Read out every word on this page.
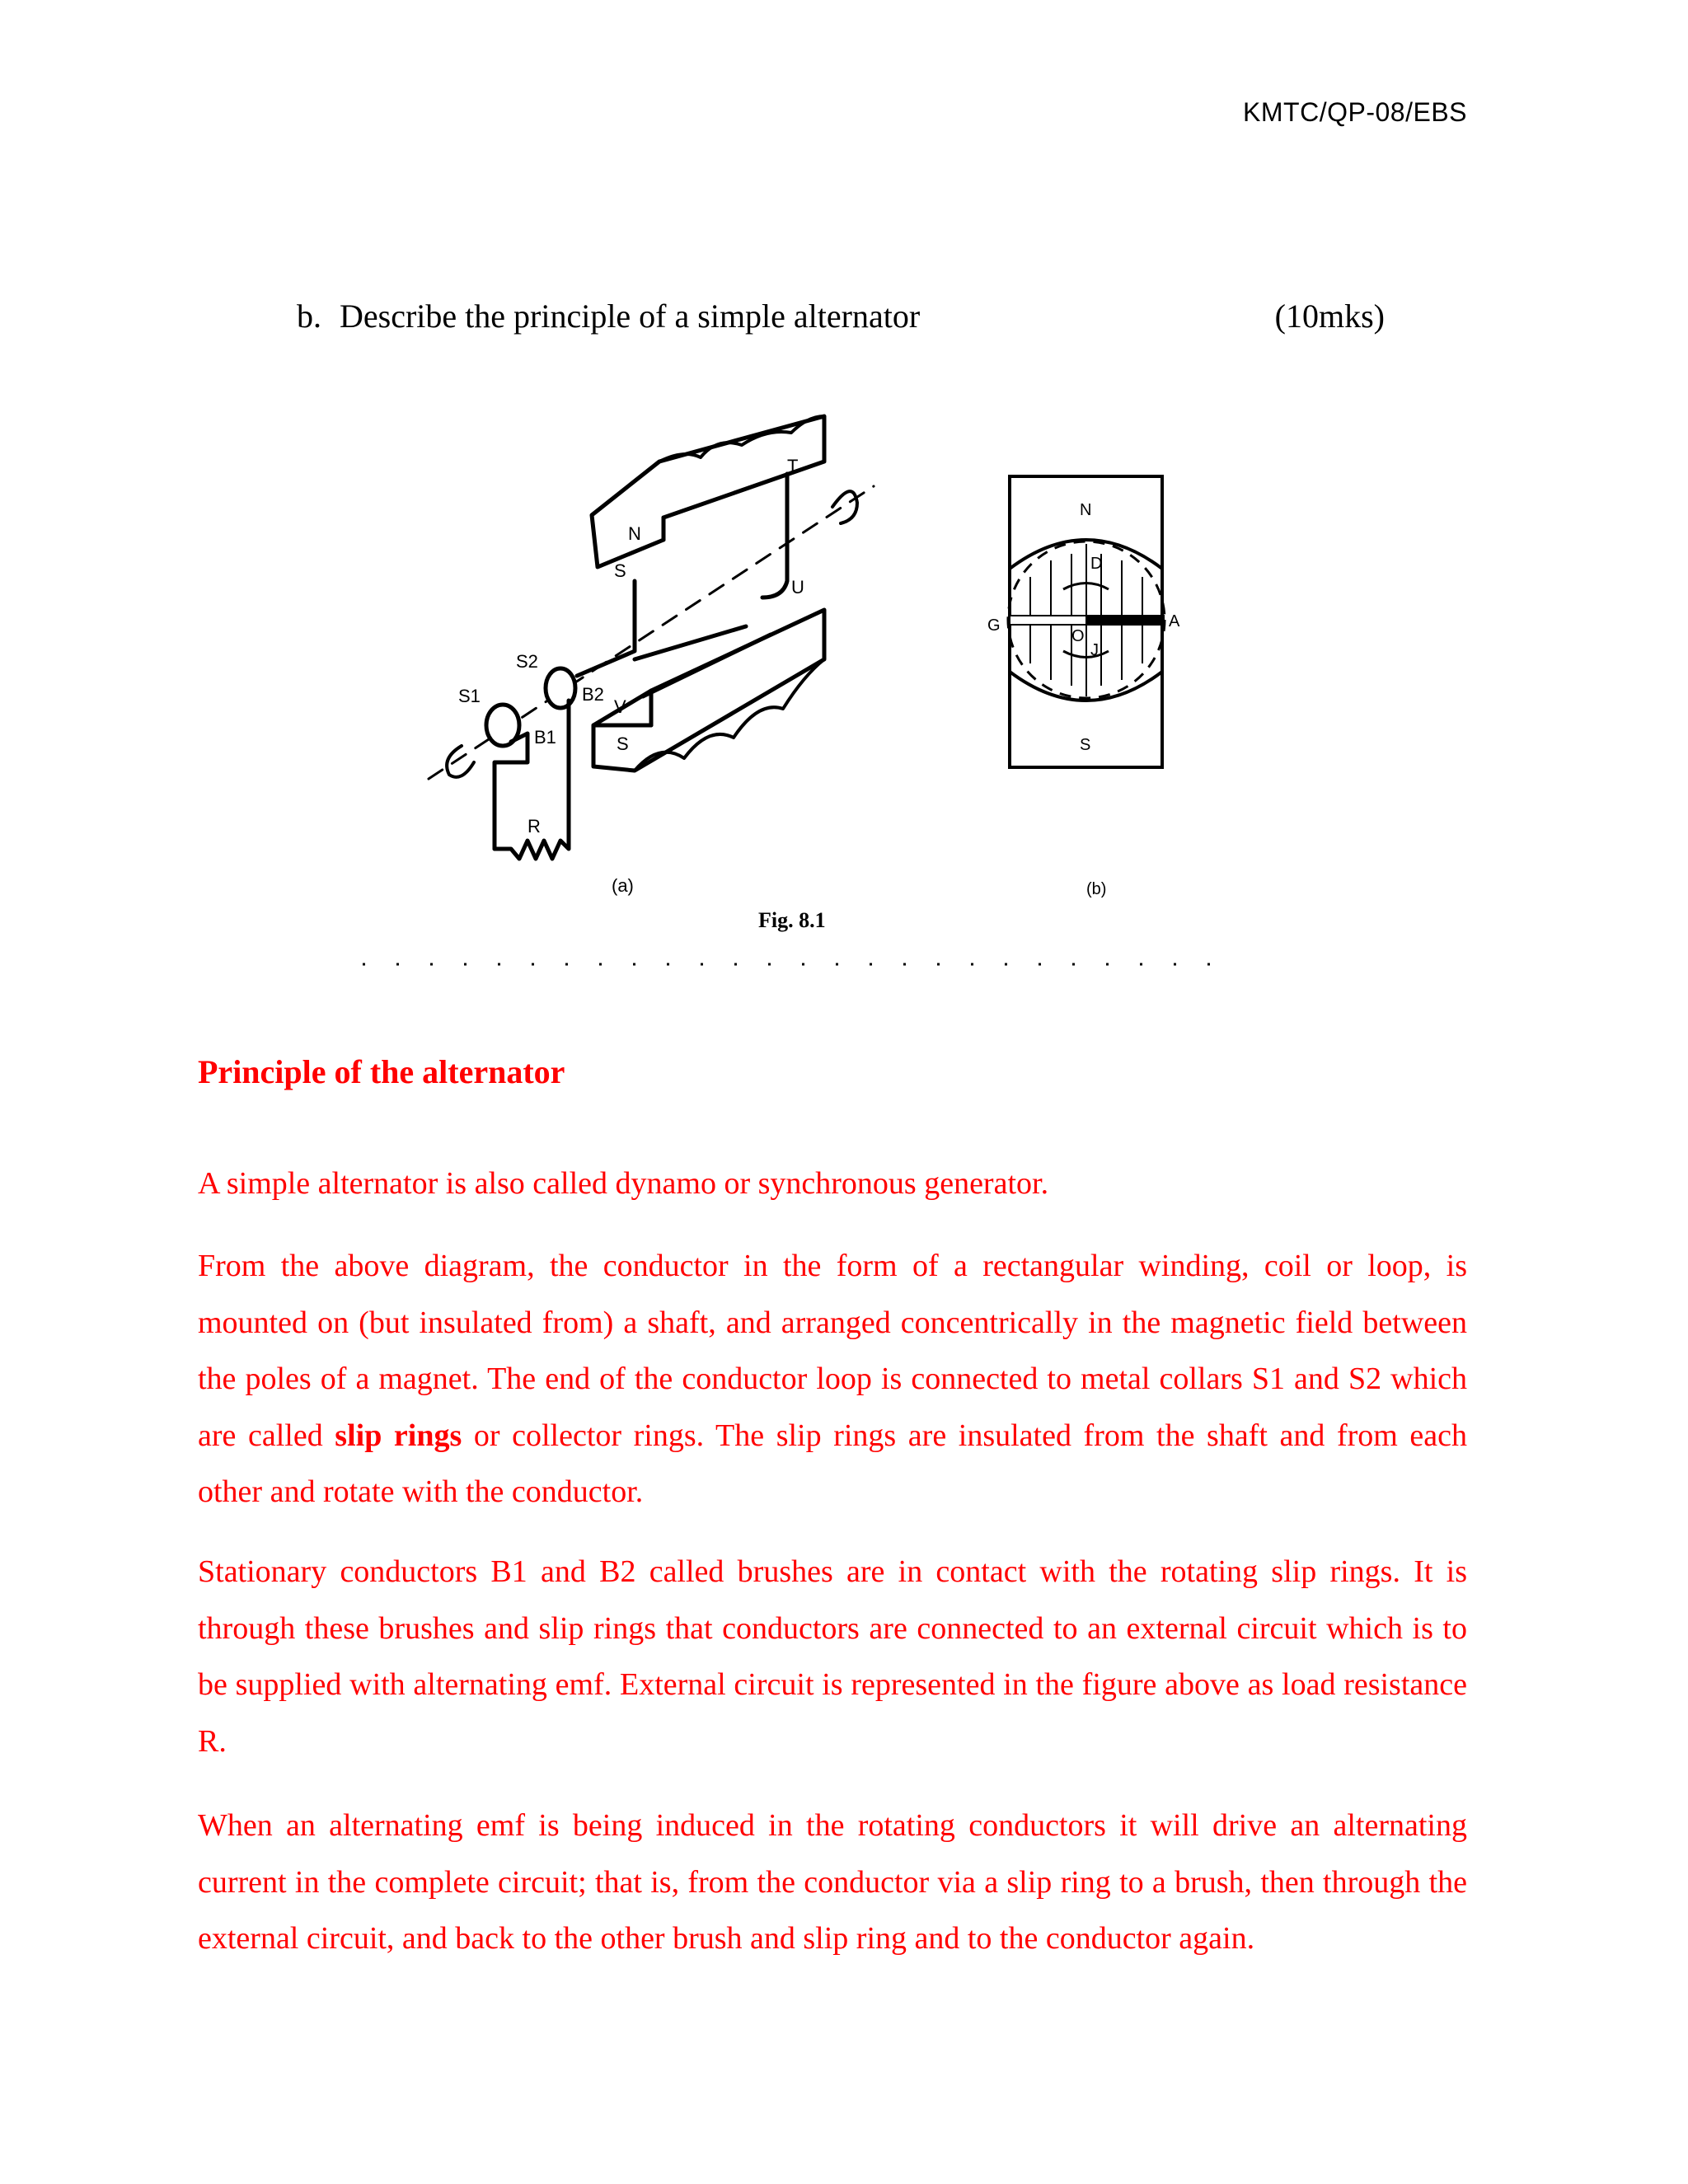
KMTC/QP-08/EBS
b. Describe the principle of a simple alternator	(10mks)
N
S
T
U
V
S
S1
S2
B1
B2
R
(a)
N
S
D
O
J
G	A
(b)
Fig. 8.1
Principle of the alternator
A simple alternator is also called dynamo or synchronous generator.
From the above diagram, the conductor in the form of a rectangular winding, coil or loop, is mounted on (but insulated from) a shaft, and arranged concentrically in the magnetic field between the poles of a magnet. The end of the conductor loop is connected to metal collars S1 and S2 which are called slip rings or collector rings. The slip rings are insulated from the shaft and from each other and rotate with the conductor.
Stationary conductors B1 and B2 called brushes are in contact with the rotating slip rings. It is through these brushes and slip rings that conductors are connected to an external circuit which is to be supplied with alternating emf. External circuit is represented in the figure above as load resistance R.
When an alternating emf is being induced in the rotating conductors it will drive an alternating current in the complete circuit; that is, from the conductor via a slip ring to a brush, then through the external circuit, and back to the other brush and slip ring and to the conductor again.
